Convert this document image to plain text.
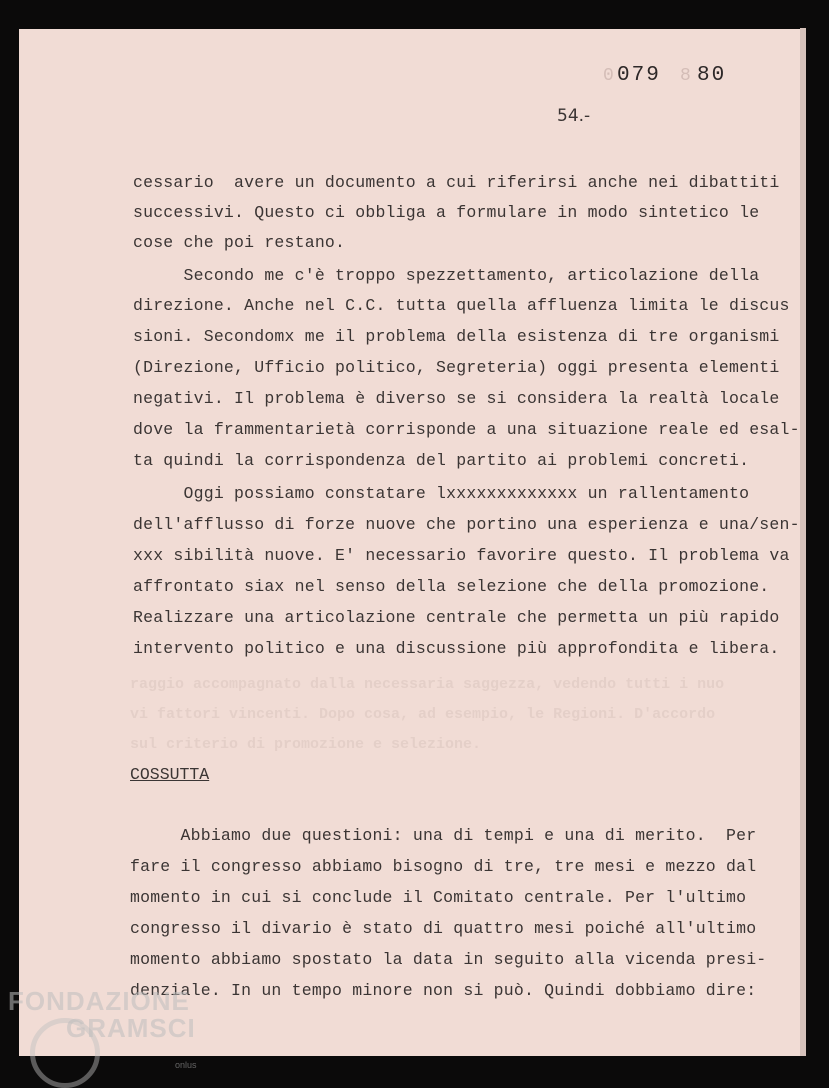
0 079 8 80
54.-
raggio accompagnato dalla necessaria saggezza, vedendo tutti i nuo
vi fattori vincenti. Dopo cosa, ad esempio, le Regioni. D'accordo
sul criterio di promozione e selezione.
cessario  avere un documento a cui riferirsi anche nei dibattiti
successivi. Questo ci obbliga a formulare in modo sintetico le
cose che poi restano.
Secondo me c'è troppo spezzettamento, articolazione della
direzione. Anche nel C.C. tutta quella affluenza limita le discus
sioni. Secondomx me il problema della esistenza di tre organismi
(Direzione, Ufficio politico, Segreteria) oggi presenta elementi
negativi. Il problema è diverso se si considera la realtà locale
dove la frammentarietà corrisponde a una situazione reale ed esal-
ta quindi la corrispondenza del partito ai problemi concreti.
Oggi possiamo constatare lxxxxxxxxxxxxx un rallentamento
dell'afflusso di forze nuove che portino una esperienza e una/sen-
xxx sibilità nuove. E' necessario favorire questo. Il problema va
affrontato siax nel senso della selezione che della promozione.
Realizzare una articolazione centrale che permetta un più rapido
intervento politico e una discussione più approfondita e libera.
COSSUTTA
Abbiamo due questioni: una di tempi e una di merito.  Per
fare il congresso abbiamo bisogno di tre, tre mesi e mezzo dal
momento in cui si conclude il Comitato centrale. Per l'ultimo
congresso il divario è stato di quattro mesi poiché all'ultimo
momento abbiamo spostato la data in seguito alla vicenda presi-
denziale. In un tempo minore non si può. Quindi dobbiamo dire:
FONDAZIONE
GRAMSCI
onlus
